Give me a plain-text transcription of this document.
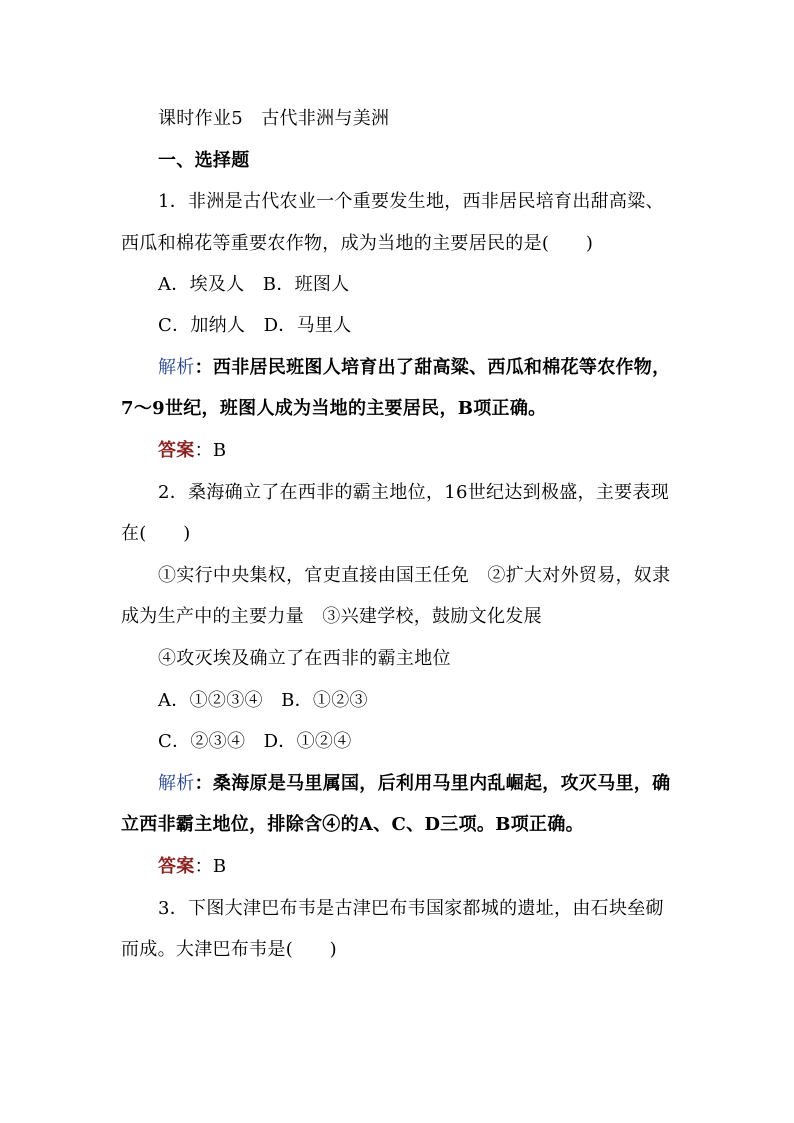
课时作业5　古代非洲与美洲
一、选择题
1．非洲是古代农业一个重要发生地，西非居民培育出甜高粱、
西瓜和棉花等重要农作物，成为当地的主要居民的是(　　)
A．埃及人　B．班图人
C．加纳人　D．马里人
解析：西非居民班图人培育出了甜高粱、西瓜和棉花等农作物，
7～9世纪，班图人成为当地的主要居民，B项正确。
答案：B
2．桑海确立了在西非的霸主地位，16世纪达到极盛，主要表现
在(　　)
①实行中央集权，官吏直接由国王任免　②扩大对外贸易，奴隶
成为生产中的主要力量　③兴建学校，鼓励文化发展
④攻灭埃及确立了在西非的霸主地位
A．①②③④　B．①②③
C．②③④　D．①②④
解析：桑海原是马里属国，后利用马里内乱崛起，攻灭马里，确
立西非霸主地位，排除含④的A、C、D三项。B项正确。
答案：B
3．下图大津巴布韦是古津巴布韦国家都城的遗址，由石块垒砌
而成。大津巴布韦是(　　)
